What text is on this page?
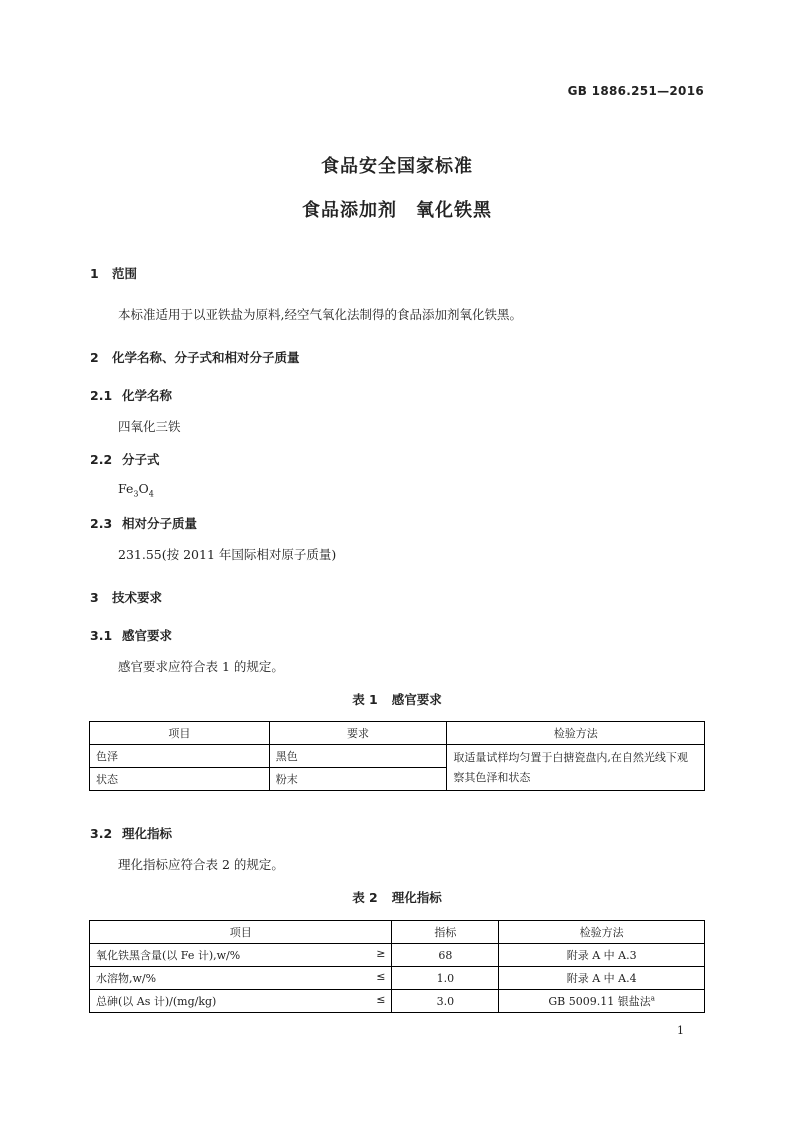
GB 1886.251—2016
食品安全国家标准
食品添加剂　氧化铁黑
1 范围
本标准适用于以亚铁盐为原料,经空气氧化法制得的食品添加剂氧化铁黑。
2 化学名称、分子式和相对分子质量
2.1 化学名称
四氧化三铁
2.2 分子式
$Fe_3O_4$
2.3 相对分子质量
231.55(按 2011 年国际相对原子质量)
3 技术要求
3.1 感官要求
感官要求应符合表 1 的规定。
表 1 感官要求
项目	要求	检验方法
色泽	黑色	取适量试样均匀置于白搪瓷盘内,在自然光线下观察其色泽和状态
状态	粉末	
3.2 理化指标
理化指标应符合表 2 的规定。
表 2 理化指标
项目	指标	检验方法
氧化铁黑含量(以 Fe 计),w/% ≥	68	附录 A 中 A.3
水溶物,w/% ≤	1.0	附录 A 中 A.4
总砷(以 As 计)/(mg/kg) ≤	3.0	GB 5009.11 银盐法$^a$
1
